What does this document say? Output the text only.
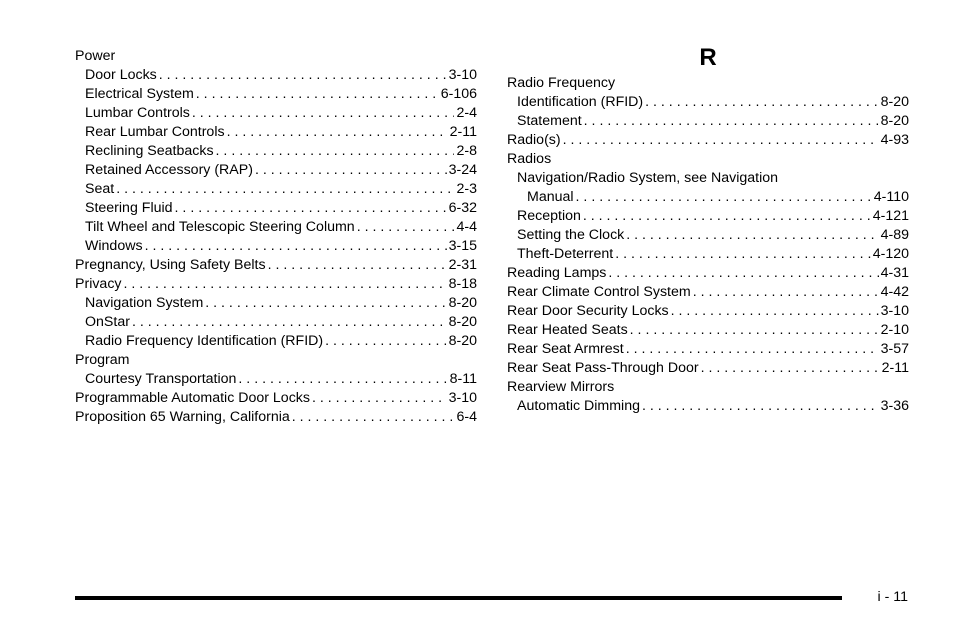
Power
Door Locks . . .	3-10
Electrical System . . .	6-106
Lumbar Controls . . .	2-4
Rear Lumbar Controls . . .	2-11
Reclining Seatbacks . . .	2-8
Retained Accessory (RAP) . . .	3-24
Seat . . .	2-3
Steering Fluid . . .	6-32
Tilt Wheel and Telescopic Steering Column . . .	4-4
Windows . . .	3-15
Pregnancy, Using Safety Belts . . .	2-31
Privacy . . .	8-18
Navigation System . . .	8-20
OnStar . . .	8-20
Radio Frequency Identification (RFID) . . .	8-20
Program
Courtesy Transportation . . .	8-11
Programmable Automatic Door Locks . . .	3-10
Proposition 65 Warning, California . . .	6-4
R
Radio Frequency
Identification (RFID) . . .	8-20
Statement . . .	8-20
Radio(s) . . .	4-93
Radios
Navigation/Radio System, see Navigation
Manual . . .	4-110
Reception . . .	4-121
Setting the Clock . . .	4-89
Theft-Deterrent . . .	4-120
Reading Lamps . . .	4-31
Rear Climate Control System . . .	4-42
Rear Door Security Locks . . .	3-10
Rear Heated Seats . . .	2-10
Rear Seat Armrest . . .	3-57
Rear Seat Pass-Through Door . . .	2-11
Rearview Mirrors
Automatic Dimming . . .	3-36
i - 11
